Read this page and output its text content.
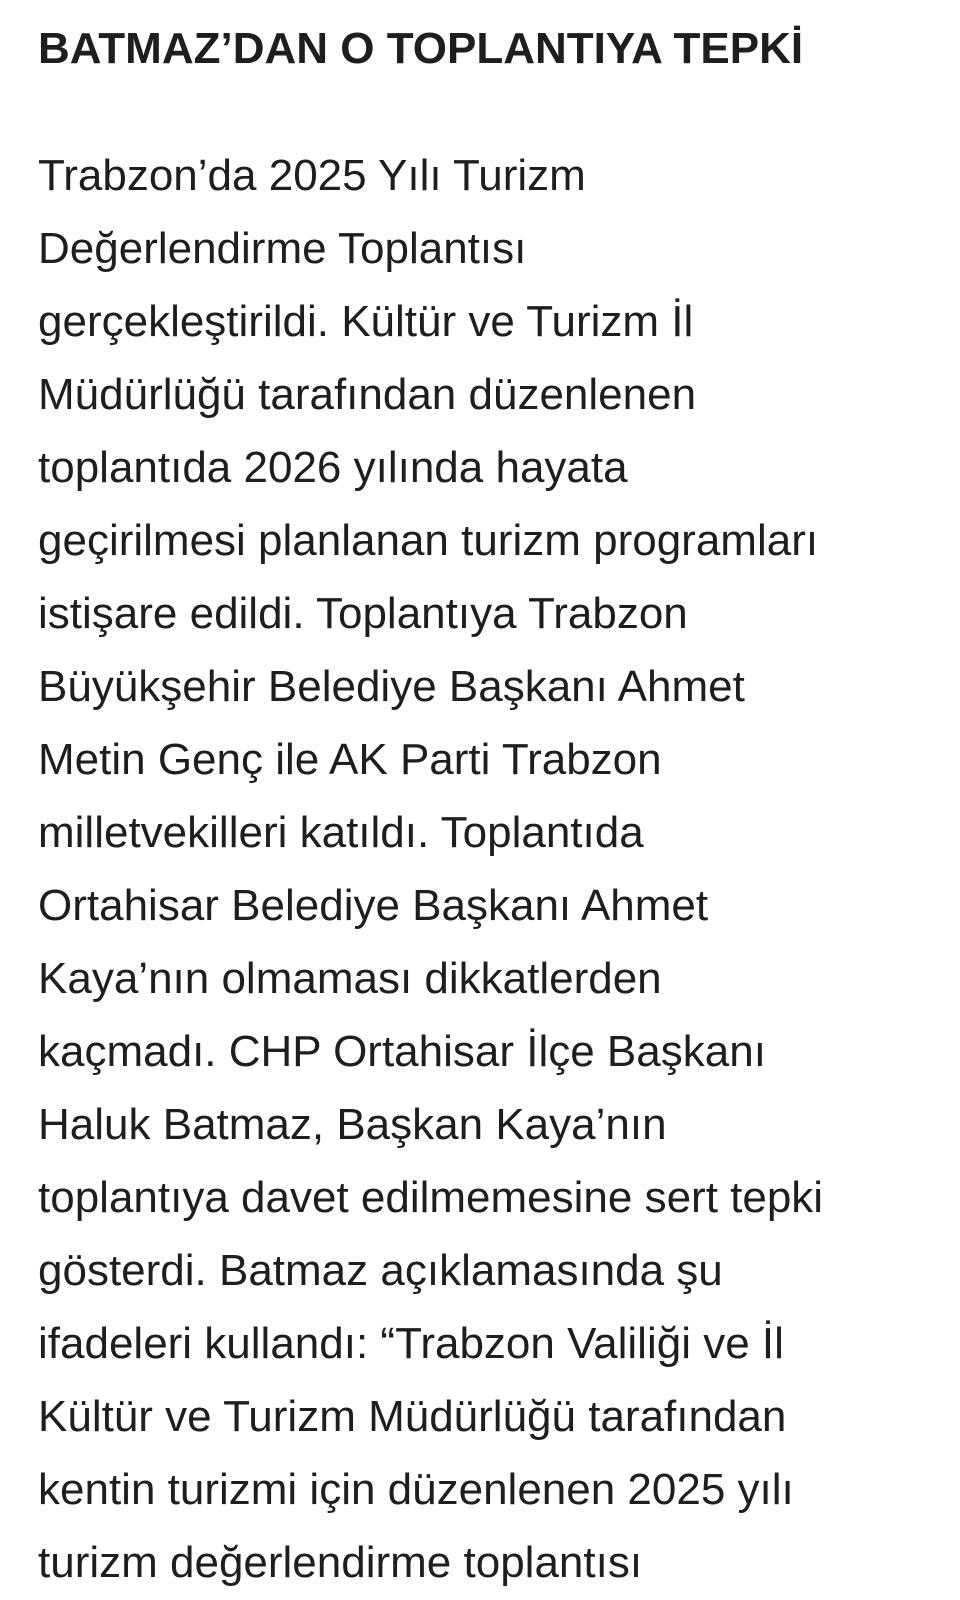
BATMAZ’DAN O TOPLANTIYA TEPKİ

Trabzon’da 2025 Yılı Turizm
Değerlendirme Toplantısı
gerçekleştirildi. Kültür ve Turizm İl
Müdürlüğü tarafından düzenlenen
toplantıda 2026 yılında hayata
geçirilmesi planlanan turizm programları
istişare edildi. Toplantıya Trabzon
Büyükşehir Belediye Başkanı Ahmet
Metin Genç ile AK Parti Trabzon
milletvekilleri katıldı. Toplantıda
Ortahisar Belediye Başkanı Ahmet
Kaya’nın olmaması dikkatlerden
kaçmadı. CHP Ortahisar İlçe Başkanı
Haluk Batmaz, Başkan Kaya’nın
toplantıya davet edilmemesine sert tepki
gösterdi. Batmaz açıklamasında şu
ifadeleri kullandı: “Trabzon Valiliği ve İl
Kültür ve Turizm Müdürlüğü tarafından
kentin turizmi için düzenlenen 2025 yılı
turizm değerlendirme toplantısı
